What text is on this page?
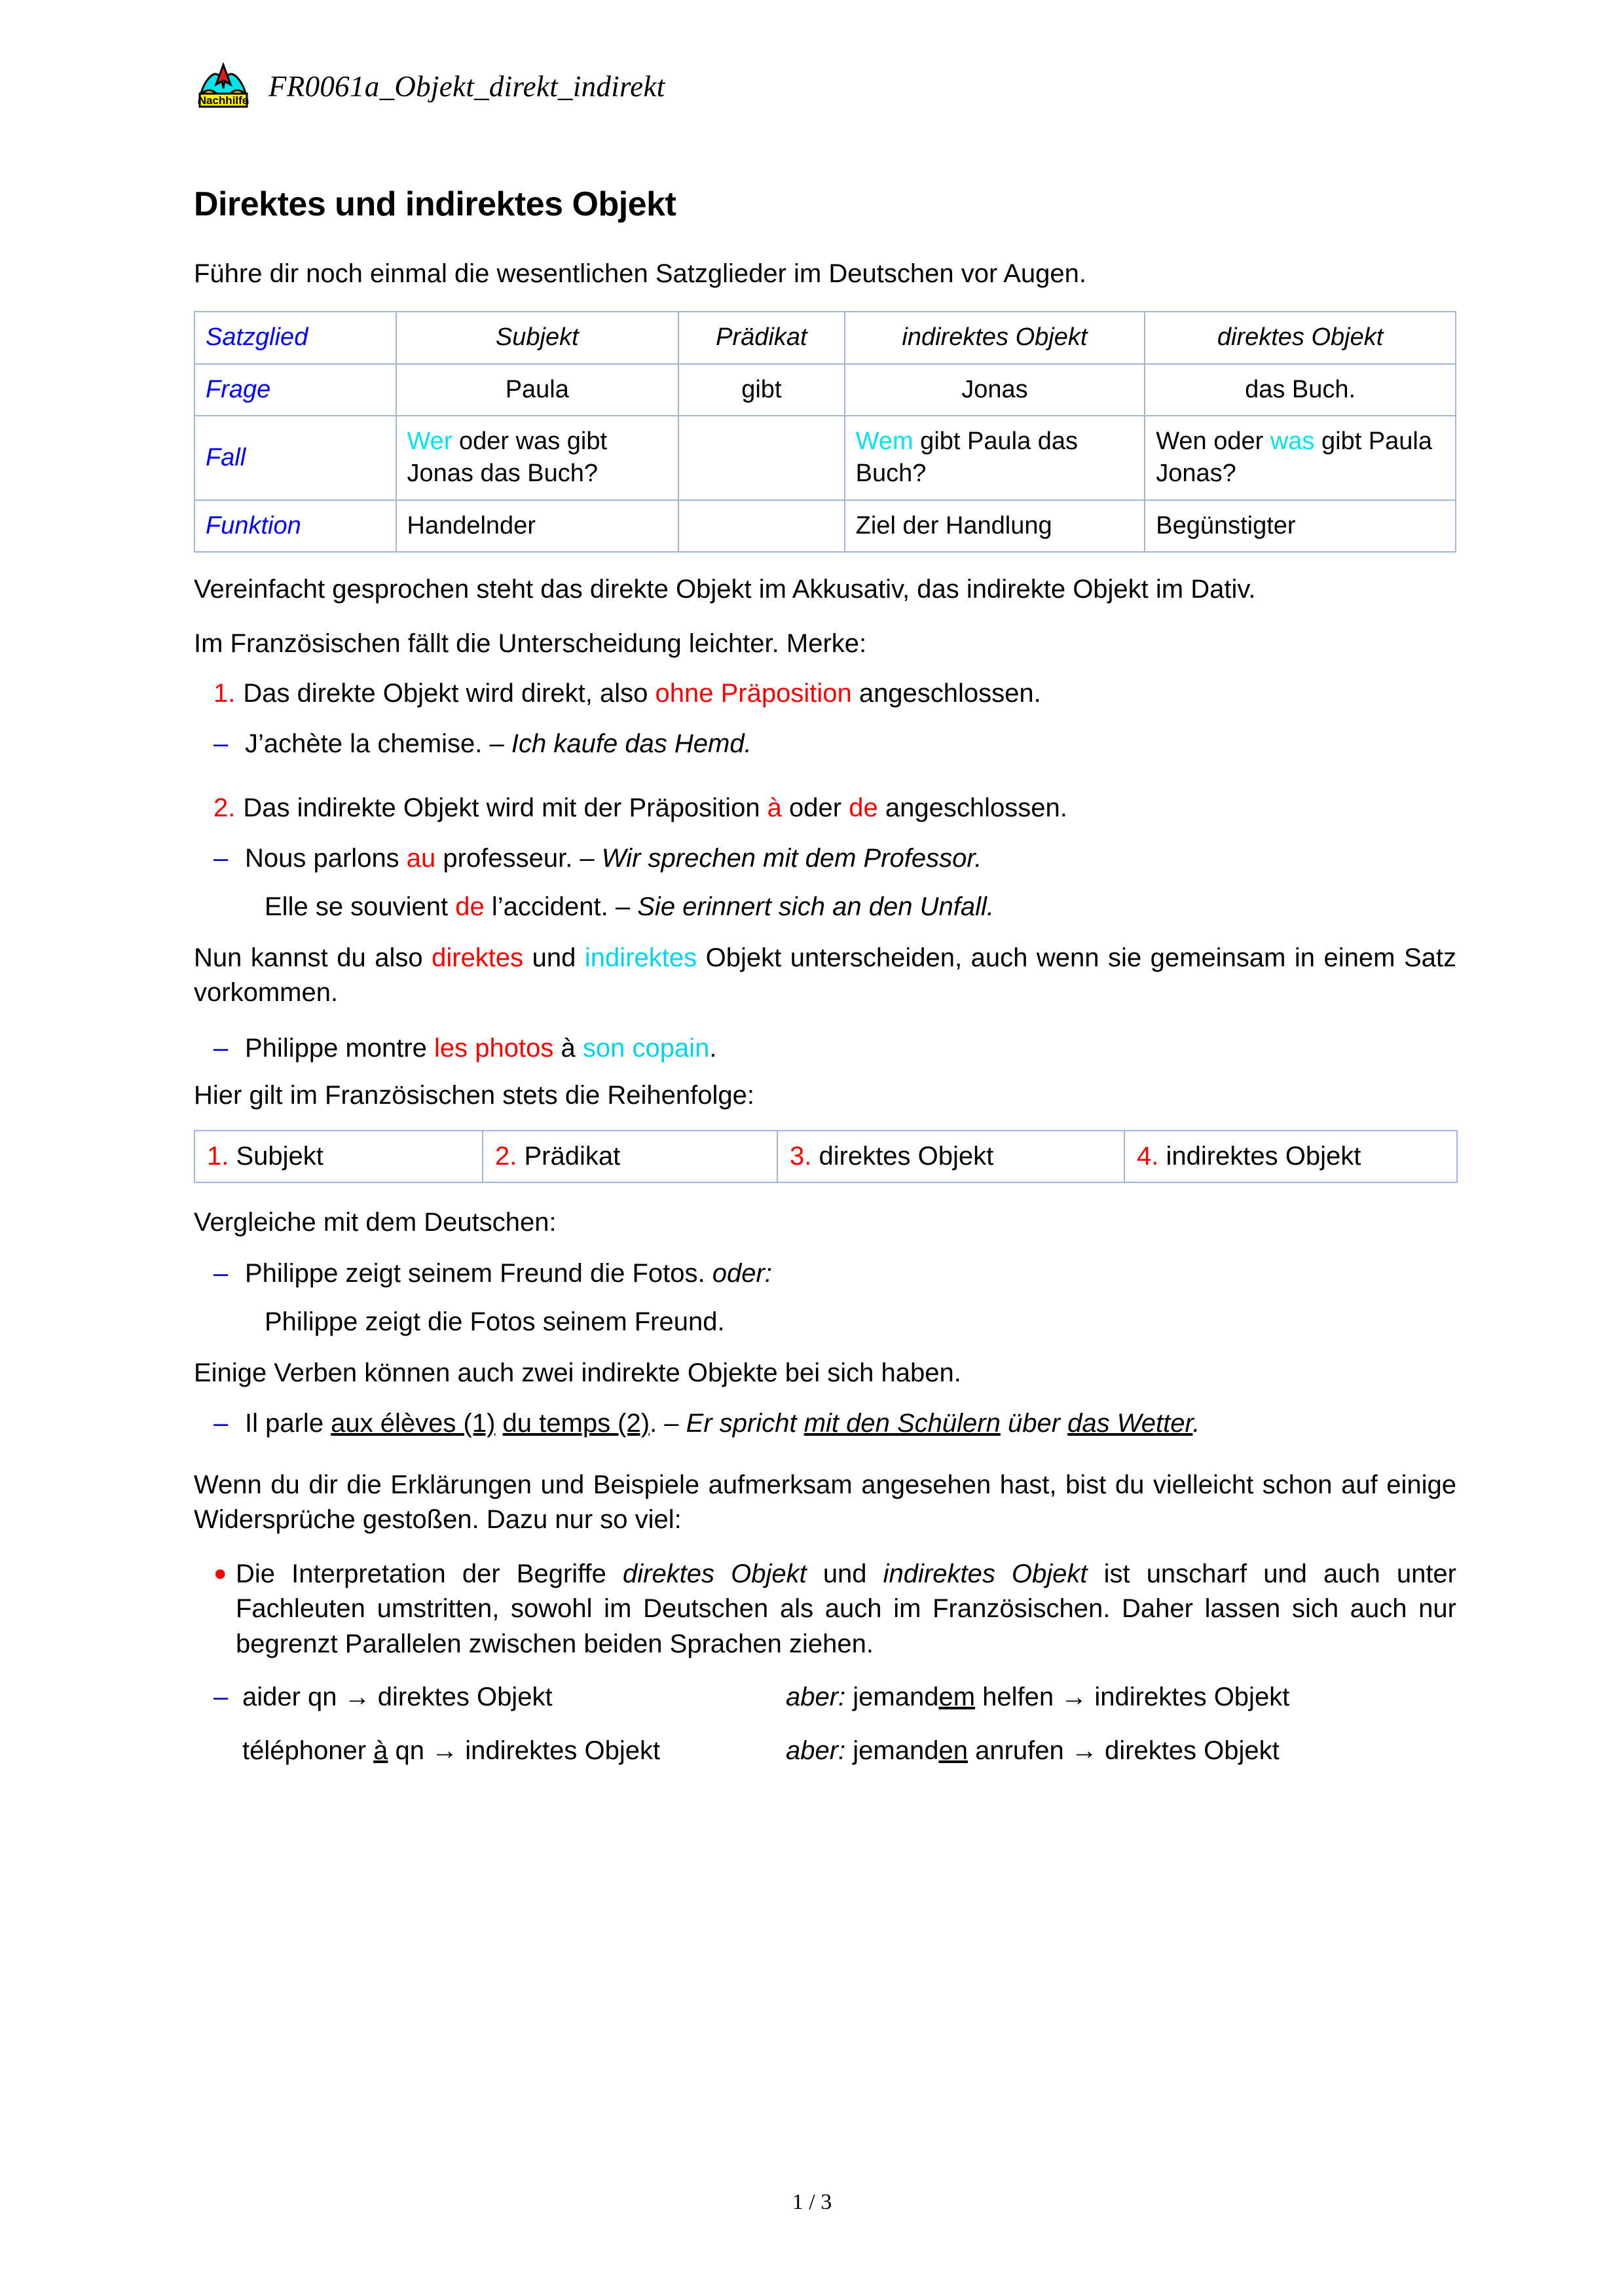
Nachhilfe FR0061a_Objekt_direkt_indirekt
Direktes und indirektes Objekt

Führe dir noch einmal die wesentlichen Satzglieder im Deutschen vor Augen.

Satzglied	Subjekt	Prädikat	indirektes Objekt	direktes Objekt
Frage	Paula	gibt	Jonas	das Buch.
Fall	Wer oder was gibt Jonas das Buch?		Wem gibt Paula das Buch?	Wen oder was gibt Paula Jonas?
Funktion	Handelnder		Ziel der Handlung	Begünstigter

Vereinfacht gesprochen steht das direkte Objekt im Akkusativ, das indirekte Objekt im Dativ.

Im Französischen fällt die Unterscheidung leichter. Merke:

1. Das direkte Objekt wird direkt, also ohne Präposition angeschlossen.
– J’achète la chemise. – Ich kaufe das Hemd.
2. Das indirekte Objekt wird mit der Präposition à oder de angeschlossen.
– Nous parlons au professeur. – Wir sprechen mit dem Professor.
Elle se souvient de l’accident. – Sie erinnert sich an den Unfall.

Nun kannst du also direktes und indirektes Objekt unterscheiden, auch wenn sie gemeinsam in einem Satz vorkommen.

– Philippe montre les photos à son copain.

Hier gilt im Französischen stets die Reihenfolge:

1. Subjekt	2. Prädikat	3. direktes Objekt	4. indirektes Objekt

Vergleiche mit dem Deutschen:

– Philippe zeigt seinem Freund die Fotos. oder:
Philippe zeigt die Fotos seinem Freund.

Einige Verben können auch zwei indirekte Objekte bei sich haben.

– Il parle aux élèves (1) du temps (2). – Er spricht mit den Schülern über das Wetter.

Wenn du dir die Erklärungen und Beispiele aufmerksam angesehen hast, bist du vielleicht schon auf einige Widersprüche gestoßen. Dazu nur so viel:

● Die Interpretation der Begriffe direktes Objekt und indirektes Objekt ist unscharf und auch unter Fachleuten umstritten, sowohl im Deutschen als auch im Französischen. Daher lassen sich auch nur begrenzt Parallelen zwischen beiden Sprachen ziehen.
– aider qn → direktes Objekt	aber: jemandem helfen → indirektes Objekt
téléphoner à qn → indirektes Objekt	aber: jemanden anrufen → direktes Objekt
1 / 3
